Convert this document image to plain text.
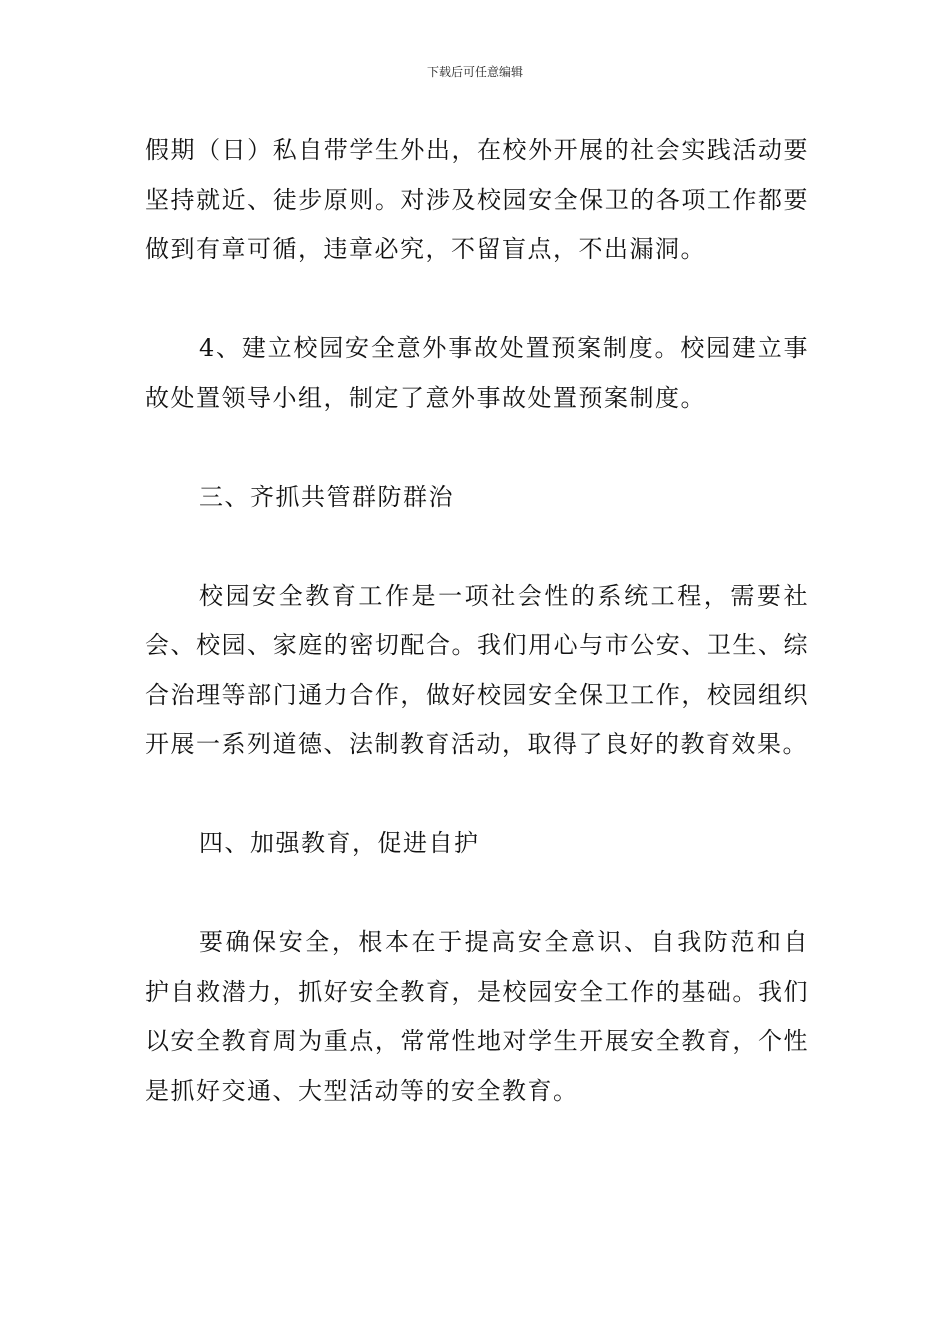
下载后可任意编辑

假期（日）私自带学生外出，在校外开展的社会实践活动要坚持就近、徒步原则。对涉及校园安全保卫的各项工作都要做到有章可循，违章必究，不留盲点，不出漏洞。

4、建立校园安全意外事故处置预案制度。校园建立事故处置领导小组，制定了意外事故处置预案制度。

三、齐抓共管群防群治

校园安全教育工作是一项社会性的系统工程，需要社会、校园、家庭的密切配合。我们用心与市公安、卫生、综合治理等部门通力合作，做好校园安全保卫工作，校园组织开展一系列道德、法制教育活动，取得了良好的教育效果。

四、加强教育，促进自护

要确保安全，根本在于提高安全意识、自我防范和自护自救潜力，抓好安全教育，是校园安全工作的基础。我们以安全教育周为重点，常常性地对学生开展安全教育，个性是抓好交通、大型活动等的安全教育。
